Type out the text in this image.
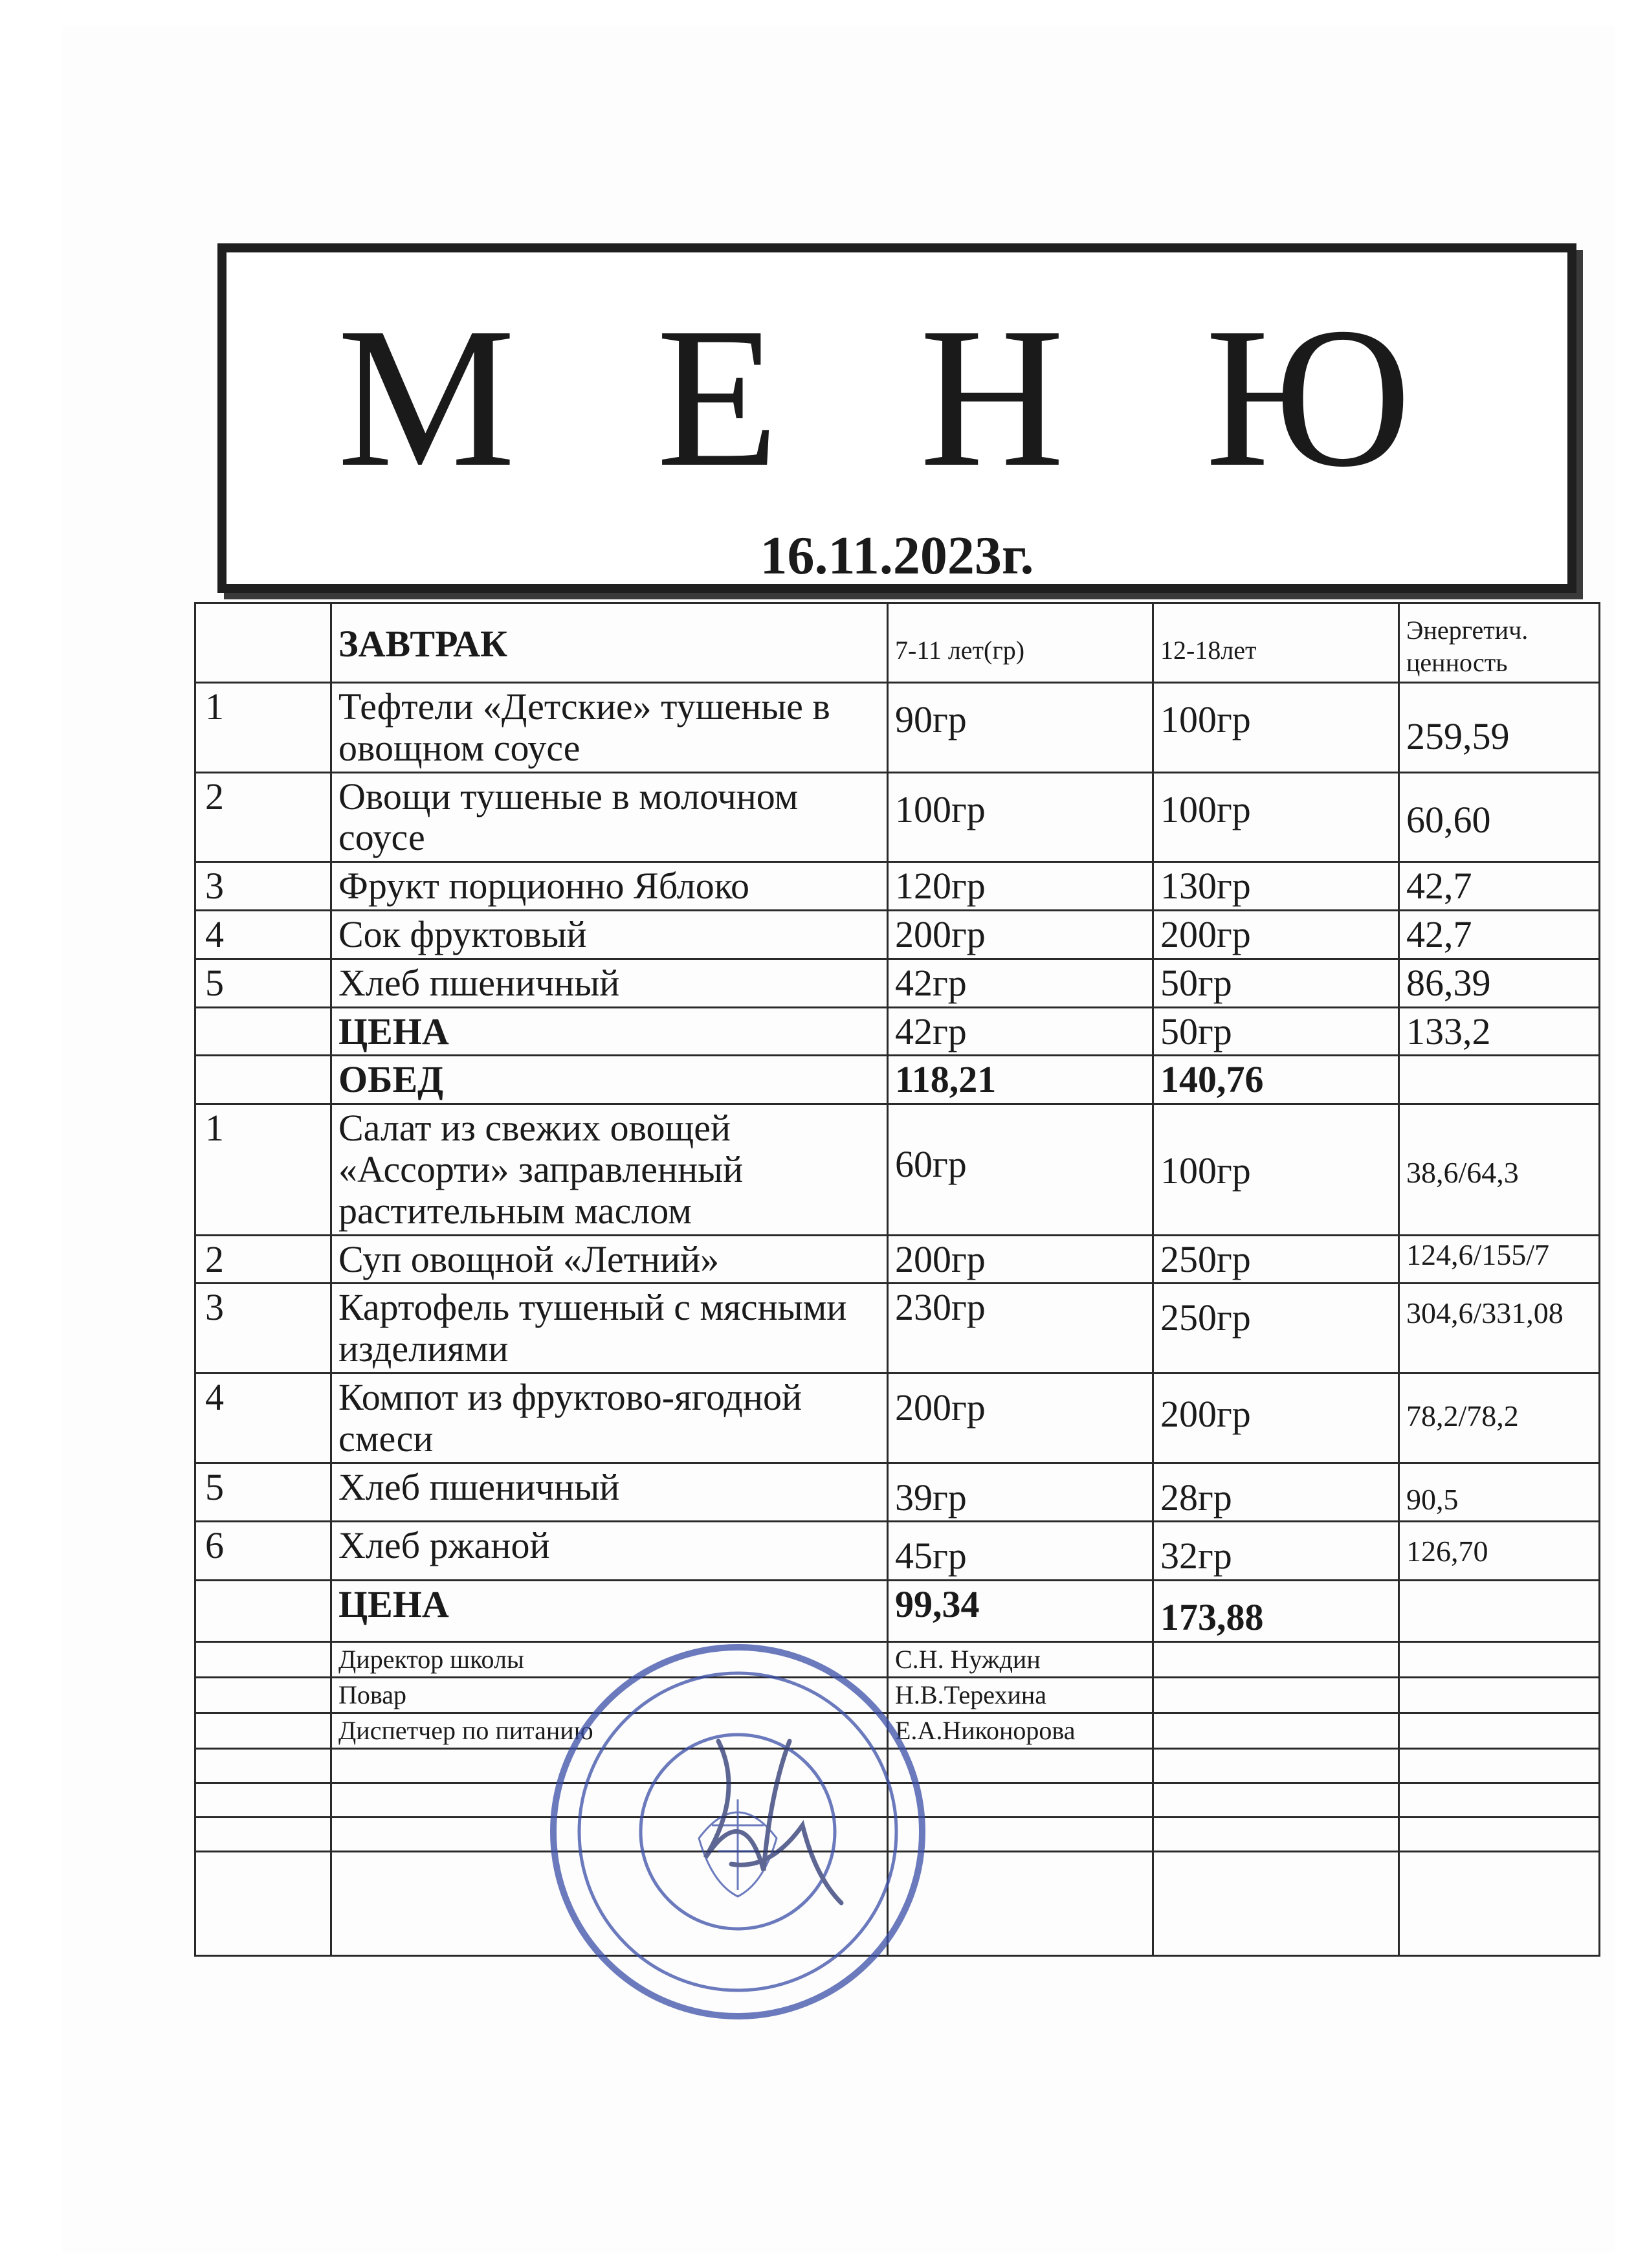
М Е Н Ю
16.11.2023г.
	ЗАВТРАК	7-11 лет(гр)	12-18лет	Энергетич. ценность
1	Тефтели «Детские» тушеные в овощном соусе	90гр	100гр	259,59
2	Овощи тушеные в молочном соусе	100гр	100гр	60,60
3	Фрукт порционно Яблоко	120гр	130гр	42,7
4	Сок фруктовый	200гр	200гр	42,7
5	Хлеб пшеничный	42гр	50гр	86,39
	ЦЕНА	42гр	50гр	133,2
	ОБЕД	118,21	140,76	
1	Салат из свежих овощей «Ассорти» заправленный растительным маслом	60гр	100гр	38,6/64,3
2	Суп овощной «Летний»	200гр	250гр	124,6/155/7
3	Картофель тушеный с мясными изделиями	230гр	250гр	304,6/331,08
4	Компот из фруктово-ягодной смеси	200гр	200гр	78,2/78,2
5	Хлеб пшеничный	39гр	28гр	90,5
6	Хлеб ржаной	45гр	32гр	126,70
	ЦЕНА	99,34	173,88	
	Директор школы	С.Н. Нуждин		
	Повар	Н.В.Терехина		
	Диспетчер по питанию	Е.А.Никонорова		
